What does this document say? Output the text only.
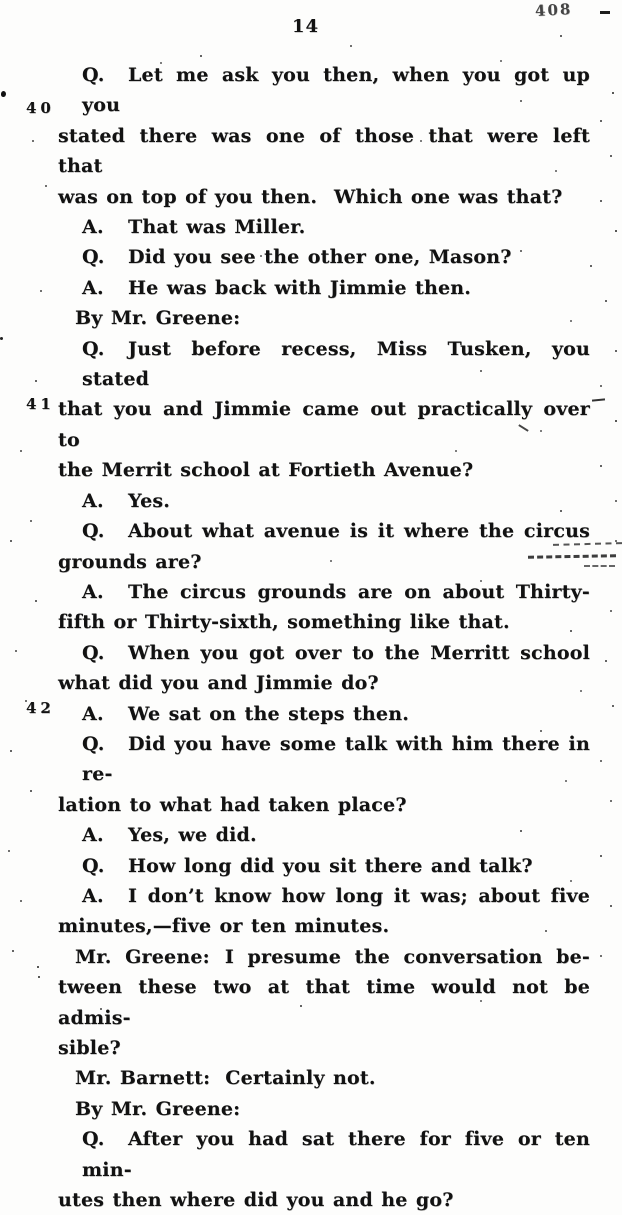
408
14
40
41
42
Q. Let me ask you then, when you got up you
stated there was one of those that were left that
was on top of you then.  Which one was that?
A. That was Miller.
Q. Did you see the other one, Mason?
A. He was back with Jimmie then.
By Mr. Greene:
Q. Just before recess, Miss Tusken, you stated
that you and Jimmie came out practically over to
the Merrit school at Fortieth Avenue?
A. Yes.
Q. About what avenue is it where the circus
grounds are?
A. The circus grounds are on about Thirty-
fifth or Thirty-sixth, something like that.
Q. When you got over to the Merritt school
what did you and Jimmie do?
A. We sat on the steps then.
Q. Did you have some talk with him there in re-
lation to what had taken place?
A. Yes, we did.
Q. How long did you sit there and talk?
A. I don’t know how long it was; about five
minutes,—five or ten minutes.
Mr. Greene: I presume the conversation be-
tween these two at that time would not be admis-
sible?
Mr. Barnett: Certainly not.
By Mr. Greene:
Q. After you had sat there for five or ten min-
utes then where did you and he go?
